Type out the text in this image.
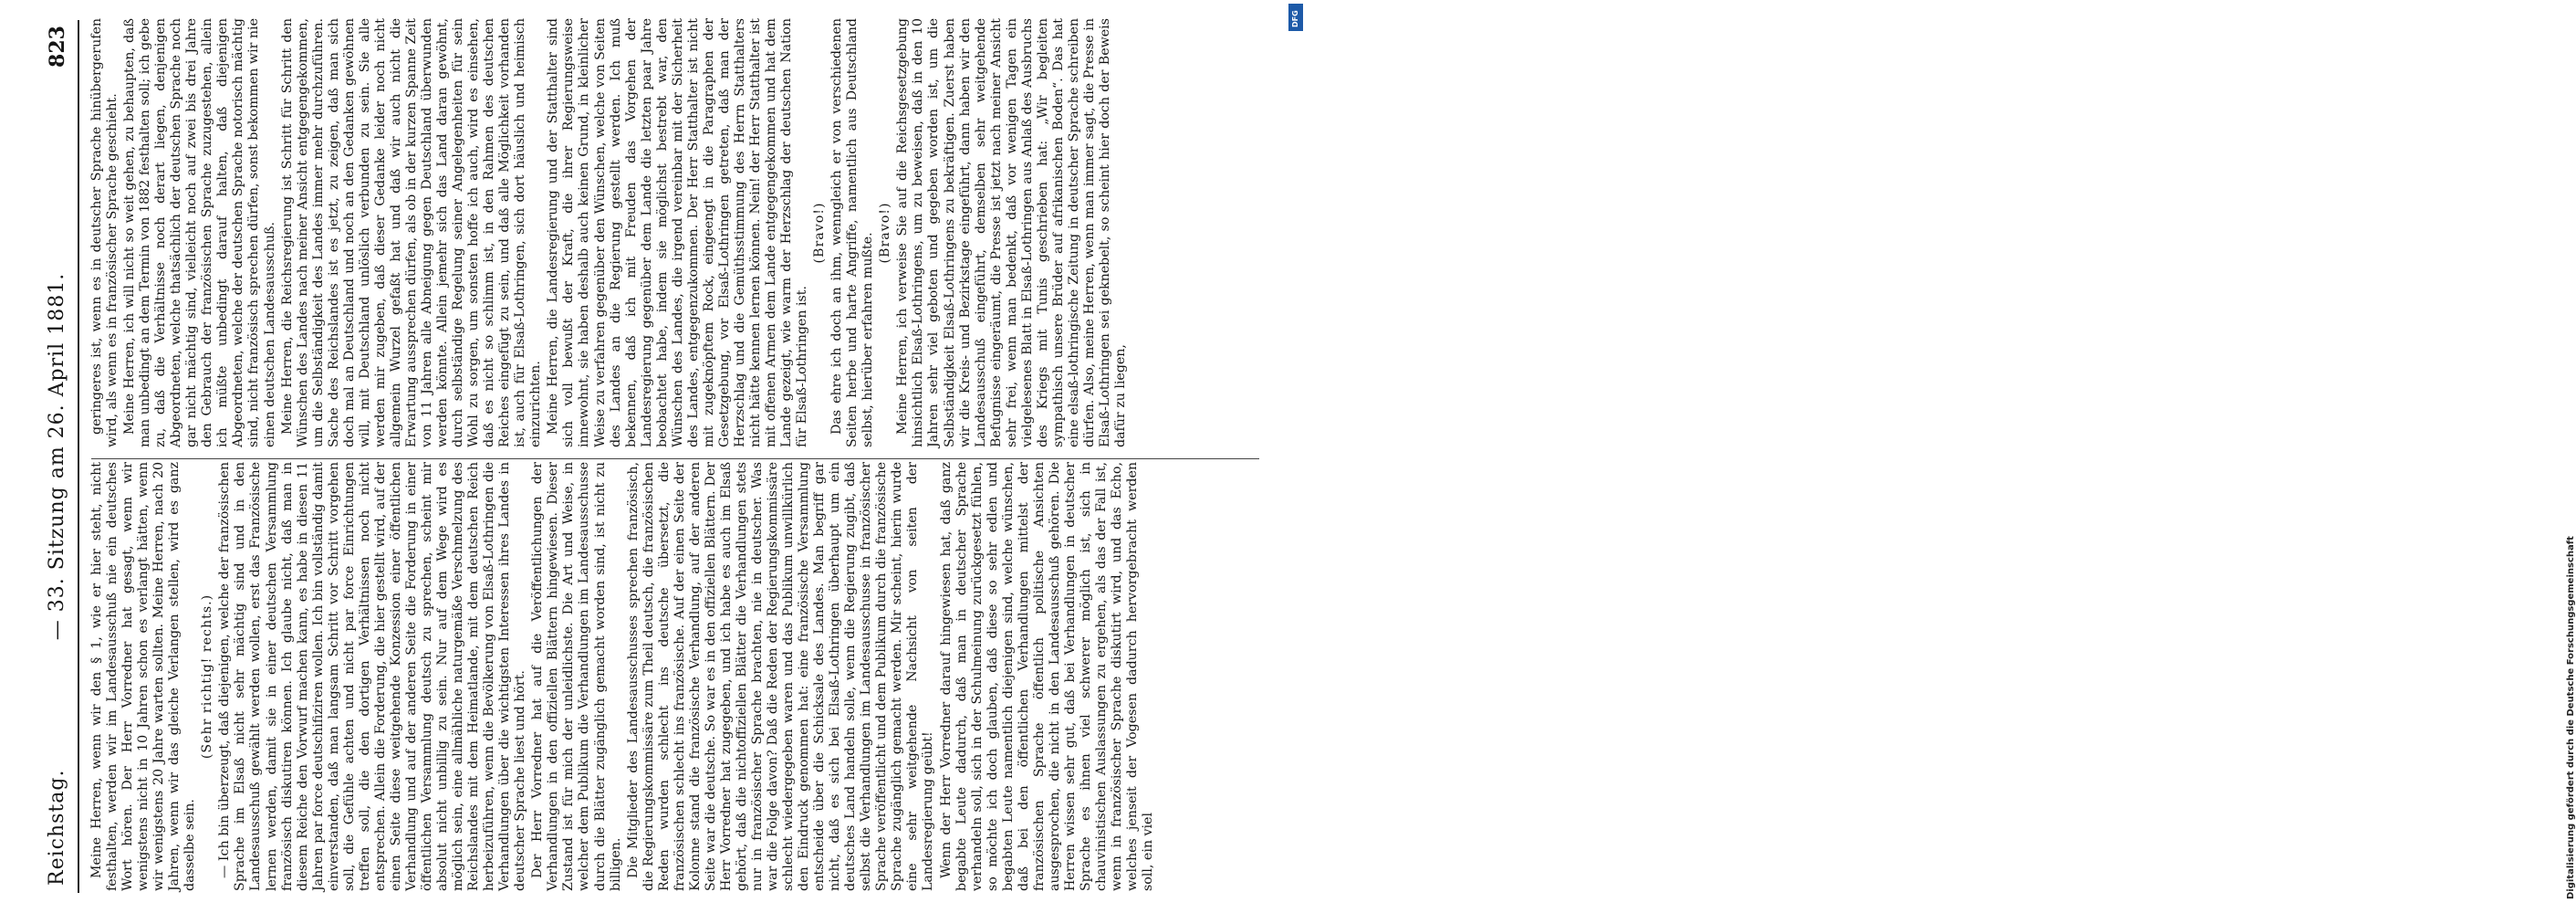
Reichstag.
— 33. Sitzung am 26. April 1881.
823

Meine Herren, wenn wir den § 1, wie er hier steht, nicht festhalten, werden wir im Landesausschuß nie ein deutsches Wort hören. Der Herr Vorredner hat gesagt, wenn wir wenigstens nicht in 10 Jahren schon es verlangt hätten, wenn wir wenigstens 20 Jahre warten sollten. Meine Herren, nach 20 Jahren, wenn wir das gleiche Verlangen stellen, wird es ganz dasselbe sein.

(Sehr richtig! rechts.) — Ich bin überzeugt, daß diejenigen, welche der französischen Sprache im Elsaß nicht sehr mächtig sind und in den Landesausschuß gewählt werden wollen, erst das Französische lernen werden, damit sie in einer deutschen Versammlung französisch diskutiren können. Ich glaube nicht, daß man in diesem Reiche den Vorwurf machen kann, es habe in diesen 11 Jahren par force deutschifiziren wollen. Ich bin vollständig damit einverstanden, daß man langsam Schritt vor Schritt vorgehen soll, die Gefühle achten und nicht par force Einrichtungen treffen soll, die den dortigen Verhältnissen noch nicht entsprechen. Allein die Forderung, die hier gestellt wird, auf der einen Seite diese weitgehende Konzession einer öffentlichen Verhandlung und auf der anderen Seite die Forderung in einer öffentlichen Versammlung deutsch zu sprechen, scheint mir absolut nicht unbillig zu sein. Nur auf dem Wege wird es möglich sein, eine allmähliche naturgemäße Verschmelzung des Reichslandes mit dem Heimatlande, mit dem deutschen Reich herbeizuführen, wenn die Bevölkerung von Elsaß-Lothringen die Verhandlungen über die wichtigsten Interessen ihres Landes in deutscher Sprache liest und hört. Der Herr Vorredner hat auf die Veröffentlichungen der Verhandlungen in den offiziellen Blättern hingewiesen. Dieser Zustand ist für mich der unleidlichste. Die Art und Weise, in welcher dem Publikum die Verhandlungen im Landesausschusse durch die Blätter zugänglich gemacht worden sind, ist nicht zu billigen. Die Mitglieder des Landesausschusses sprechen französisch, die Regierungskommissäre zum Theil deutsch, die französischen Reden wurden schlecht ins deutsche übersetzt, die französischen schlecht ins französische. Auf der einen Seite der Kolonne stand die französische Verhandlung, auf der anderen Seite war die deutsche. So war es in den offiziellen Blättern. Der Herr Vorredner hat zugegeben, und ich habe es auch im Elsaß gehört, daß die nichtoffiziellen Blätter die Verhandlungen stets nur in französischer Sprache brachten, nie in deutscher. Was war die Folge davon? Daß die Reden der Regierungskommissäre schlecht wiedergegeben waren und das Publikum unwillkürlich den Eindruck genommen hat: eine französische Versammlung entscheide über die Schicksale des Landes. Man begriff gar nicht, daß es sich bei Elsaß-Lothringen überhaupt um ein deutsches Land handeln solle, wenn die Regierung zugibt, daß selbst die Verhandlungen im Landesausschusse in französischer Sprache veröffentlicht und dem Publikum durch die französische Sprache zugänglich gemacht werden. Mir scheint, hierin wurde eine sehr weitgehende Nachsicht von seiten der Landesregierung geübt! Wenn der Herr Vorredner darauf hingewiesen hat, daß ganz begabte Leute dadurch, daß man in deutscher Sprache verhandeln soll, sich in der Schulmeinung zurückgesetzt fühlen, so möchte ich doch glauben, daß diese so sehr edlen und begabten Leute namentlich diejenigen sind, welche wünschen, daß bei den öffentlichen Verhandlungen mittelst der französischen Sprache öffentlich politische Ansichten ausgesprochen, die nicht in den Landesausschuß gehören. Die Herren wissen sehr gut, daß bei Verhandlungen in deutscher Sprache es ihnen viel schwerer möglich ist, sich in chauvinistischen Auslassungen zu ergehen, als das der Fall ist, wenn in französischer Sprache diskutirt wird, und das Echo, welches jenseit der Vogesen dadurch hervorgebracht werden soll, ein viel

geringeres ist, wenn es in deutscher Sprache hinübergerufen wird, als wenn es in französischer Sprache geschieht. Meine Herren, ich will nicht so weit gehen, zu behaupten, daß man unbedingt an dem Termin von 1882 festhalten soll; ich gebe zu, daß die Verhältnisse noch derart liegen, denjenigen Abgeordneten, welche thatsächlich der deutschen Sprache noch gar nicht mächtig sind, vielleicht noch auf zwei bis drei Jahre den Gebrauch der französischen Sprache zuzugestehen, allein ich müßte unbedingt darauf halten, daß diejenigen Abgeordneten, welche der deutschen Sprache notorisch mächtig sind, nicht französisch sprechen dürfen, sonst bekommen wir nie einen deutschen Landesausschuß. Meine Herren, die Reichsregierung ist Schritt für Schritt den Wünschen des Landes nach meiner Ansicht entgegengekommen, um die Selbständigkeit des Landes immer mehr durchzuführen. Sache des Reichslandes ist es jetzt, zu zeigen, daß man sich doch mal an Deutschland und noch an den Gedanken gewöhnen will, mit Deutschland unlöslich verbunden zu sein. Sie alle werden mir zugeben, daß dieser Gedanke leider noch nicht allgemein Wurzel gefaßt hat und daß wir auch nicht die Erwartung aussprechen dürfen, als ob in der kurzen Spanne Zeit von 11 Jahren alle Abneigung gegen Deutschland überwunden werden könnte. Allein jemehr sich das Land daran gewöhnt, durch selbständige Regelung seiner Angelegenheiten für sein Wohl zu sorgen, um sonsten hoffe ich auch, wird es einsehen, daß es nicht so schlimm ist, in den Rahmen des deutschen Reiches eingefügt zu sein, und daß alle Möglichkeit vorhanden ist, auch für Elsaß-Lothringen, sich dort häuslich und heimisch einzurichten. Meine Herren, die Landesregierung und der Statthalter sind sich voll bewußt der Kraft, die ihrer Regierungsweise innewohnt, sie haben deshalb auch keinen Grund, in kleinlicher Weise zu verfahren gegenüber den Wünschen, welche von Seiten des Landes an die Regierung gestellt werden. Ich muß bekennen, daß ich mit Freuden das Vorgehen der Landesregierung gegenüber dem Lande die letzten paar Jahre beobachtet habe, indem sie möglichst bestrebt war, den Wünschen des Landes, die irgend vereinbar mit der Sicherheit des Landes, entgegenzukommen. Der Herr Statthalter ist nicht mit zugeknöpftem Rock, eingeengt in die Paragraphen der Gesetzgebung, vor Elsaß-Lothringen getreten, daß man der Herzschlag und die Gemüthsstimmung des Herrn Statthalters nicht hätte kennen lernen können. Nein! der Herr Statthalter ist mit offenen Armen dem Lande entgegengekommen und hat dem Lande gezeigt, wie warm der Herzschlag der deutschen Nation für Elsaß-Lothringen ist.

(Bravo!) Das ehre ich doch an ihm, wenngleich er von verschiedenen Seiten herbe und harte Angriffe, namentlich aus Deutschland selbst, hierüber erfahren mußte. (Bravo!) Meine Herren, ich verweise Sie auf die Reichsgesetzgebung hinsichtlich Elsaß-Lothringens, um zu beweisen, daß in den 10 Jahren sehr viel geboten und gegeben worden ist, um die Selbständigkeit Elsaß-Lothringens zu bekräftigen. Zuerst haben wir die Kreis- und Bezirkstage eingeführt, dann haben wir den Landesausschuß eingeführt, demselben sehr weitgehende Befugnisse eingeräumt, die Presse ist jetzt nach meiner Ansicht sehr frei, wenn man bedenkt, daß vor wenigen Tagen ein vielgelesenes Blatt in Elsaß-Lothringen aus Anlaß des Ausbruchs des Kriegs mit Tunis geschrieben hat: „Wir begleiten sympathisch unsere Brüder auf afrikanischen Boden“. Das hat eine elsaß-lothringische Zeitung in deutscher Sprache schreiben dürfen. Also, meine Herren, wenn man immer sagt, die Presse in Elsaß-Lothringen sei geknebelt, so scheint hier doch der Beweis dafür zu liegen,

Digitalisierung gefördert durch die Deutsche Forschungsgemeinschaft
DFG
